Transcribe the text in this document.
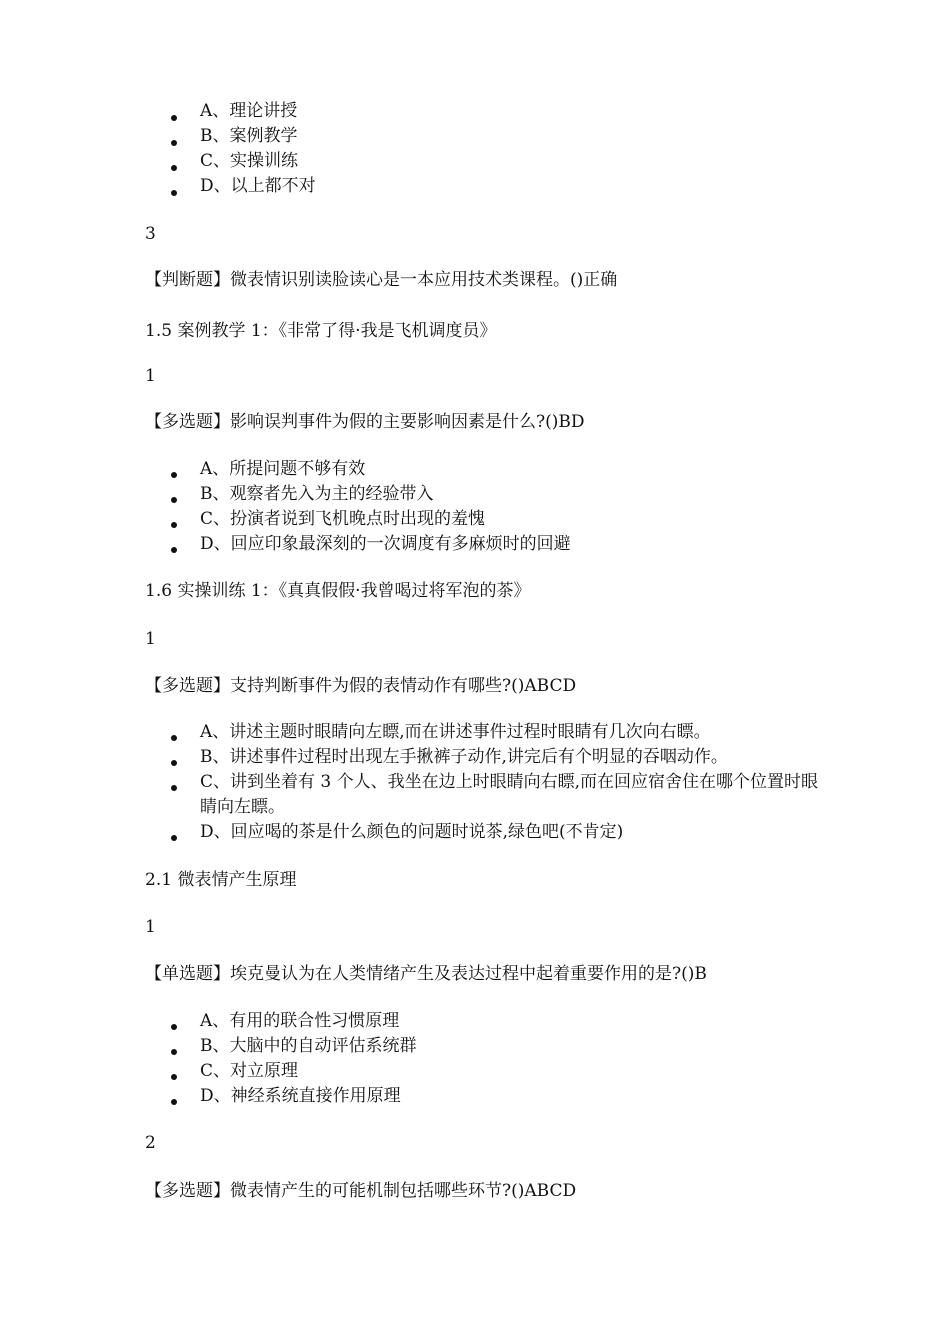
A、理论讲授
B、案例教学
C、实操训练
D、以上都不对
3
【判断题】微表情识别读脸读心是一本应用技术类课程。()正确
1.5 案例教学 1：《非常了得·我是飞机调度员》
1
【多选题】影响误判事件为假的主要影响因素是什么?()BD
A、所提问题不够有效
B、观察者先入为主的经验带入
C、扮演者说到飞机晚点时出现的羞愧
D、回应印象最深刻的一次调度有多麻烦时的回避
1.6 实操训练 1：《真真假假·我曾喝过将军泡的茶》
1
【多选题】支持判断事件为假的表情动作有哪些?()ABCD
A、讲述主题时眼睛向左瞟,而在讲述事件过程时眼睛有几次向右瞟。
B、讲述事件过程时出现左手揪裤子动作,讲完后有个明显的吞咽动作。
C、讲到坐着有 3 个人、我坐在边上时眼睛向右瞟,而在回应宿舍住在哪个位置时眼睛向左瞟。
D、回应喝的茶是什么颜色的问题时说茶,绿色吧(不肯定)
2.1 微表情产生原理
1
【单选题】埃克曼认为在人类情绪产生及表达过程中起着重要作用的是?()B
A、有用的联合性习惯原理
B、大脑中的自动评估系统群
C、对立原理
D、神经系统直接作用原理
2
【多选题】微表情产生的可能机制包括哪些环节?()ABCD
